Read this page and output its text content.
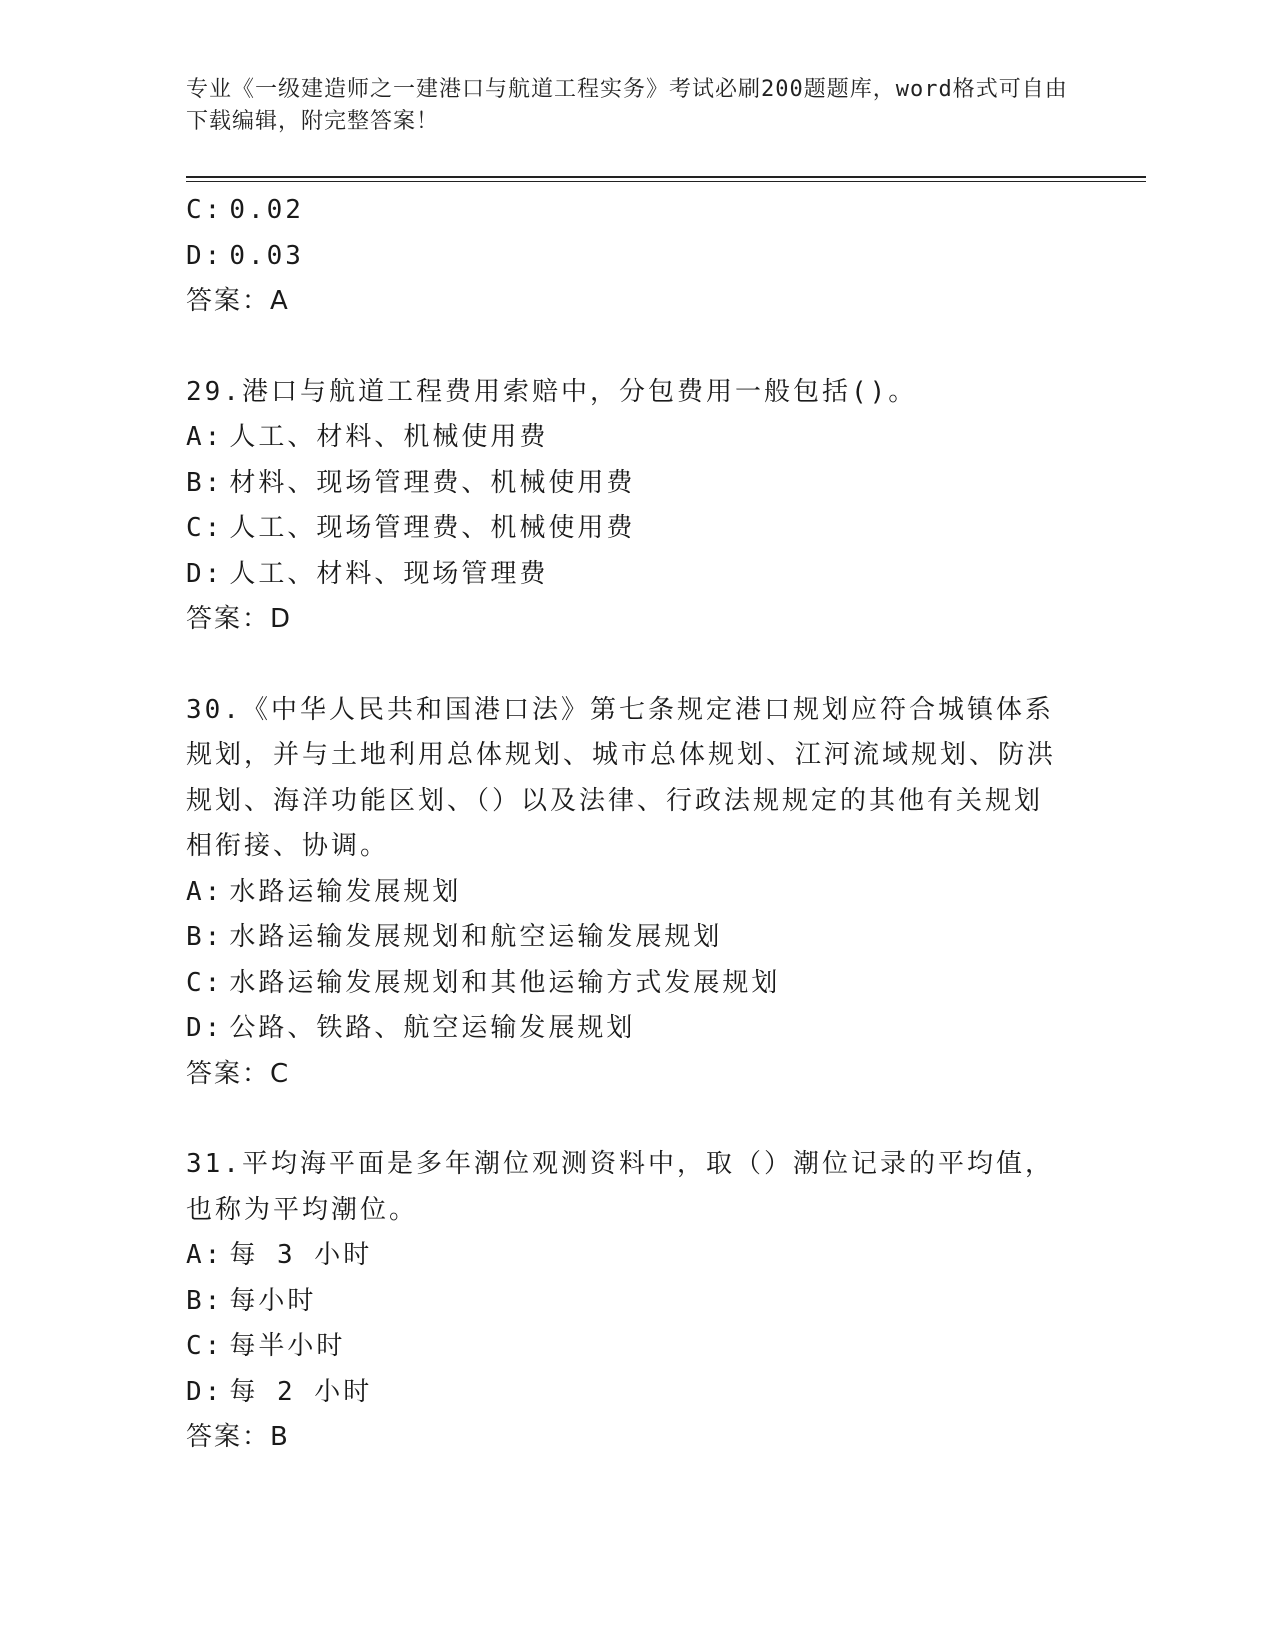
专业《一级建造师之一建港口与航道工程实务》考试必刷200题题库，word格式可自由下载编辑，附完整答案！
C: 0.02
D: 0.03
答案：A
29.港口与航道工程费用索赔中，分包费用一般包括()。
A: 人工、材料、机械使用费
B: 材料、现场管理费、机械使用费
C: 人工、现场管理费、机械使用费
D: 人工、材料、现场管理费
答案：D
30.《中华人民共和国港口法》第七条规定港口规划应符合城镇体系规划，并与土地利用总体规划、城市总体规划、江河流域规划、防洪规划、海洋功能区划、（）以及法律、行政法规规定的其他有关规划相衔接、协调。
A: 水路运输发展规划
B: 水路运输发展规划和航空运输发展规划
C: 水路运输发展规划和其他运输方式发展规划
D: 公路、铁路、航空运输发展规划
答案：C
31.平均海平面是多年潮位观测资料中，取（）潮位记录的平均值，也称为平均潮位。
A: 每 3 小时
B: 每小时
C: 每半小时
D: 每 2 小时
答案：B
